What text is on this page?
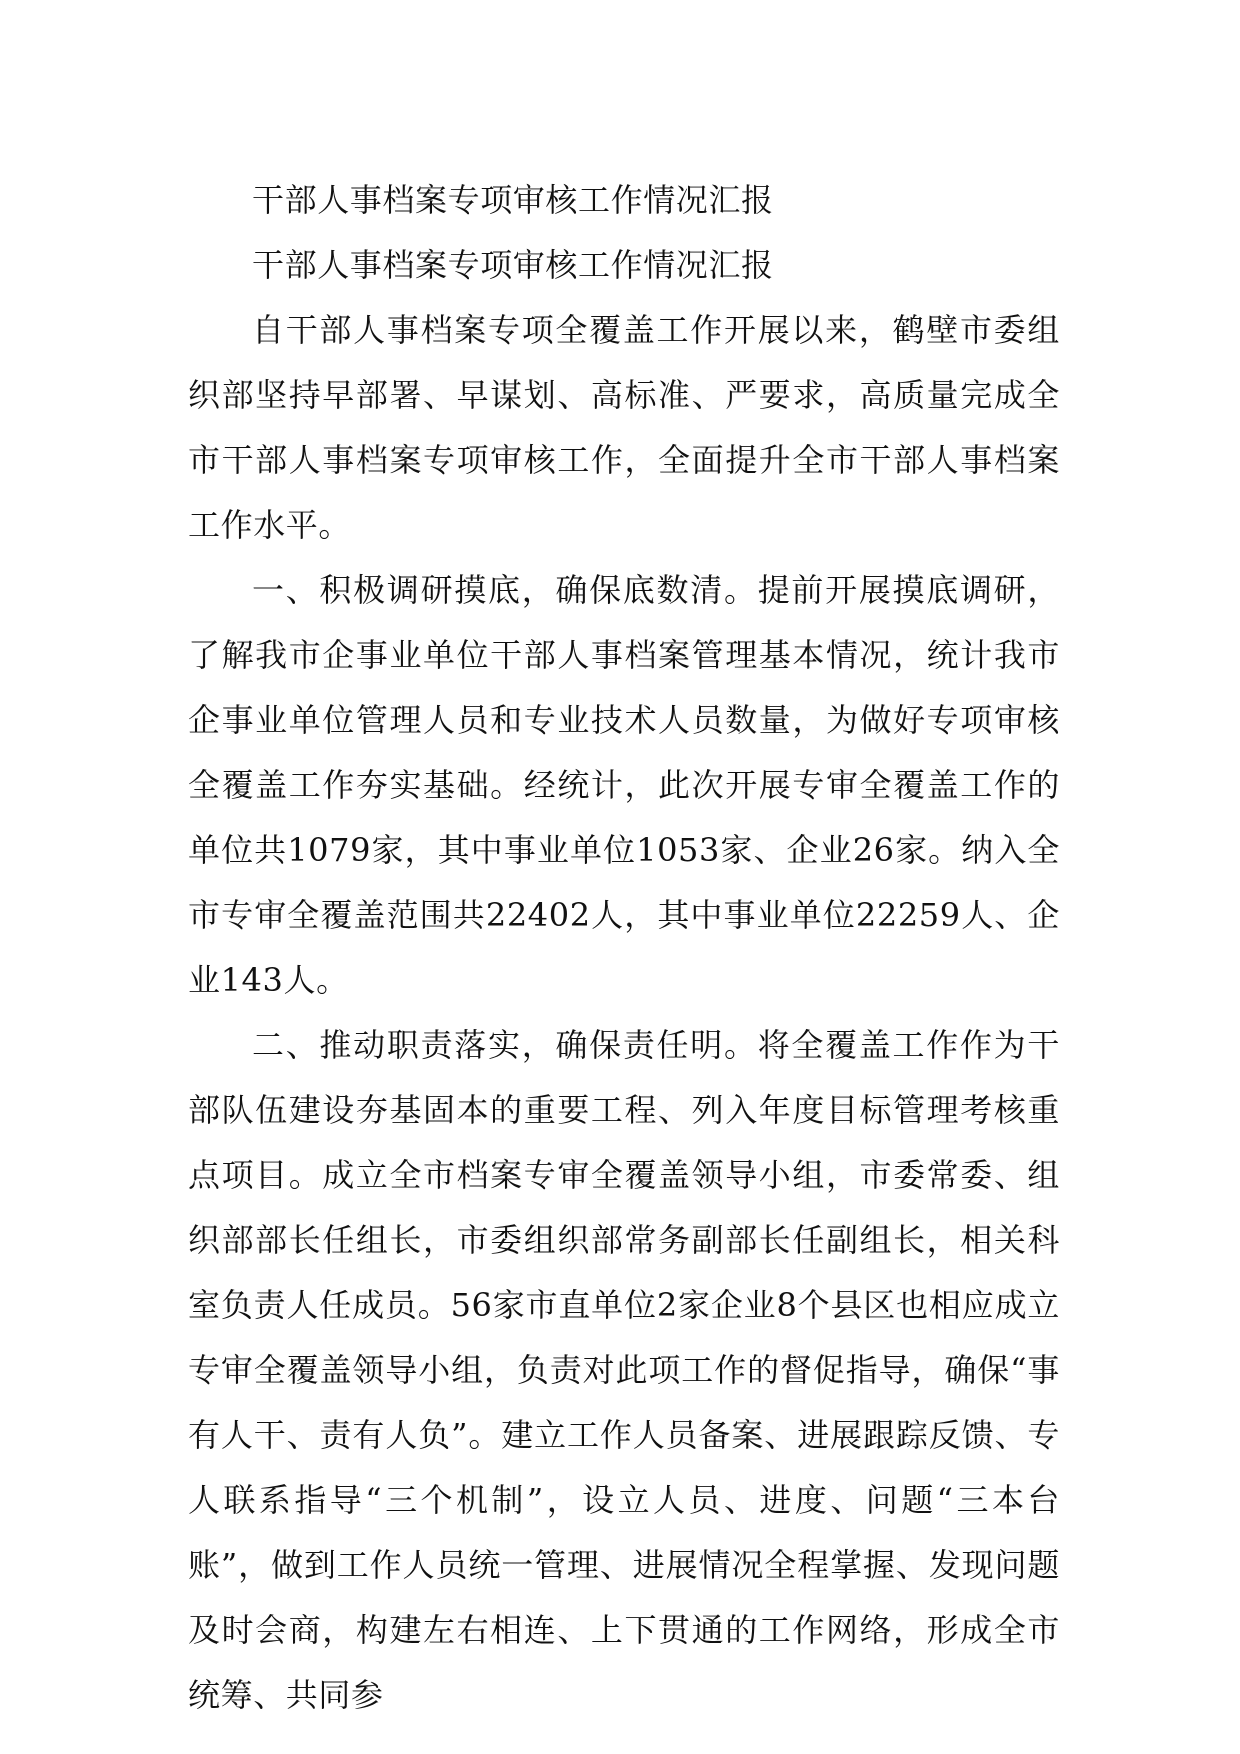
干部人事档案专项审核工作情况汇报

干部人事档案专项审核工作情况汇报

自干部人事档案专项全覆盖工作开展以来，鹤壁市委组织部坚持早部署、早谋划、高标准、严要求，高质量完成全市干部人事档案专项审核工作，全面提升全市干部人事档案工作水平。

一、积极调研摸底，确保底数清。提前开展摸底调研，了解我市企事业单位干部人事档案管理基本情况，统计我市企事业单位管理人员和专业技术人员数量，为做好专项审核全覆盖工作夯实基础。经统计，此次开展专审全覆盖工作的单位共1079家，其中事业单位1053家、企业26家。纳入全市专审全覆盖范围共22402人，其中事业单位22259人、企业143人。

二、推动职责落实，确保责任明。将全覆盖工作作为干部队伍建设夯基固本的重要工程、列入年度目标管理考核重点项目。成立全市档案专审全覆盖领导小组，市委常委、组织部部长任组长，市委组织部常务副部长任副组长，相关科室负责人任成员。56家市直单位2家企业8个县区也相应成立专审全覆盖领导小组，负责对此项工作的督促指导，确保“事有人干、责有人负”。建立工作人员备案、进展跟踪反馈、专人联系指导“三个机制”，设立人员、进度、问题“三本台账”，做到工作人员统一管理、进展情况全程掌握、发现问题及时会商，构建左右相连、上下贯通的工作网络，形成全市统筹、共同参
